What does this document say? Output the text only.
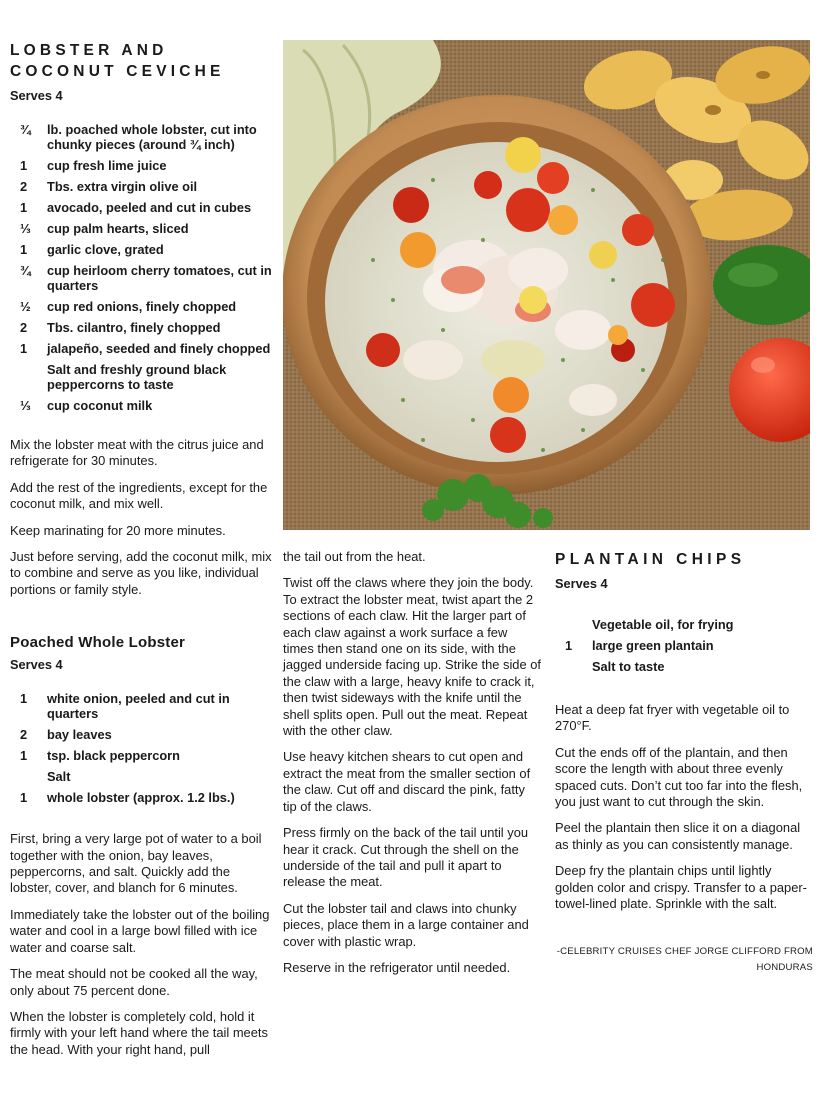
LOBSTER AND
COCONUT CEVICHE

Serves 4

¾	lb. poached whole lobster, cut into chunky pieces (around ¾ inch)
1	cup fresh lime juice
2	Tbs. extra virgin olive oil
1	avocado, peeled and cut in cubes
⅓	cup palm hearts, sliced
1	garlic clove, grated
¾	cup heirloom cherry tomatoes, cut in quarters
½	cup red onions, finely chopped
2	Tbs. cilantro, finely chopped
1	jalapeño, seeded and finely chopped
Salt and freshly ground black peppercorns to taste
⅓	cup coconut milk

Mix the lobster meat with the citrus juice and refrigerate for 30 minutes.

Add the rest of the ingredients, except for the coconut milk, and mix well.

Keep marinating for 20 more minutes.

Just before serving, add the coconut milk, mix to combine and serve as you like, individual portions or family style.

Poached Whole Lobster

Serves 4

1	white onion, peeled and cut in quarters
2	bay leaves
1	tsp. black peppercorn
Salt
1	whole lobster (approx. 1.2 lbs.)

First, bring a very large pot of water to a boil together with the onion, bay leaves, peppercorns, and salt. Quickly add the lobster, cover, and blanch for 6 minutes.

Immediately take the lobster out of the boiling water and cool in a large bowl filled with ice water and coarse salt.

The meat should not be cooked all the way, only about 75 percent done.

When the lobster is completely cold, hold it firmly with your left hand where the tail meets the head. With your right hand, pull

the tail out from the heat.

Twist off the claws where they join the body. To extract the lobster meat, twist apart the 2 sections of each claw. Hit the larger part of each claw against a work surface a few times then stand one on its side, with the jagged underside facing up. Strike the side of the claw with a large, heavy knife to crack it, then twist sideways with the knife until the shell splits open. Pull out the meat. Repeat with the other claw.

Use heavy kitchen shears to cut open and extract the meat from the smaller section of the claw. Cut off and discard the pink, fatty tip of the claws.

Press firmly on the back of the tail until you hear it crack. Cut through the shell on the underside of the tail and pull it apart to release the meat.

Cut the lobster tail and claws into chunky pieces, place them in a large container and cover with plastic wrap.

Reserve in the refrigerator until needed.

PLANTAIN CHIPS

Serves 4

Vegetable oil, for frying
1	large green plantain
Salt to taste

Heat a deep fat fryer with vegetable oil to 270°F.

Cut the ends off of the plantain, and then score the length with about three evenly spaced cuts. Don’t cut too far into the flesh, you just want to cut through the skin.

Peel the plantain then slice it on a diagonal as thinly as you can consistently manage.

Deep fry the plantain chips until lightly golden color and crispy. Transfer to a paper-towel-lined plate. Sprinkle with the salt.

-CELEBRITY CRUISES CHEF JORGE CLIFFORD FROM HONDURAS
